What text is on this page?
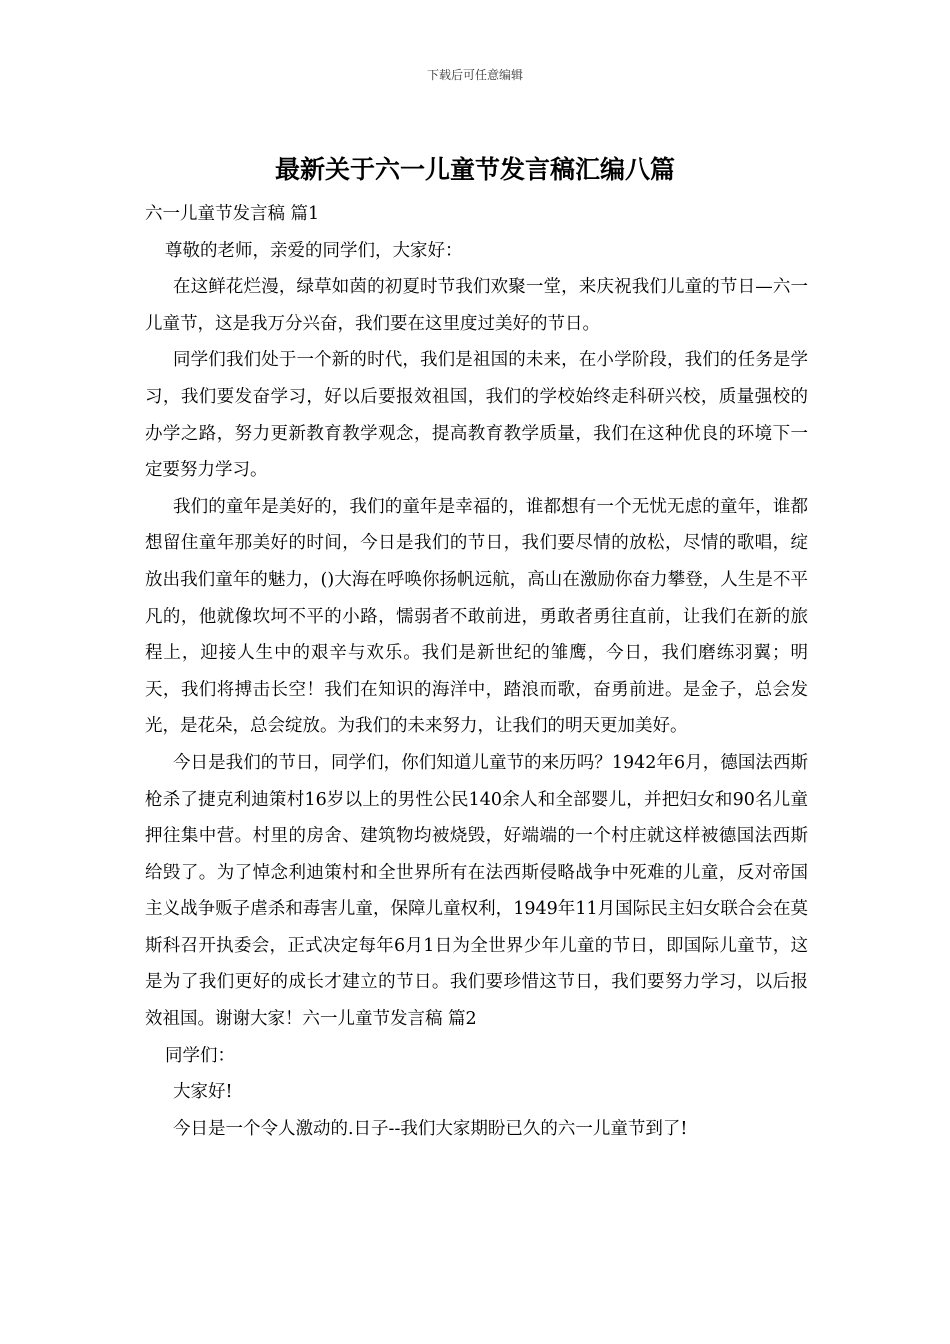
下载后可任意编辑
最新关于六一儿童节发言稿汇编八篇

六一儿童节发言稿 篇1

尊敬的老师，亲爱的同学们，大家好：

在这鲜花烂漫，绿草如茵的初夏时节我们欢聚一堂，来庆祝我们儿童的节日—六一儿童节，这是我万分兴奋，我们要在这里度过美好的节日。

同学们我们处于一个新的时代，我们是祖国的未来，在小学阶段，我们的任务是学习，我们要发奋学习，好以后要报效祖国，我们的学校始终走科研兴校，质量强校的办学之路，努力更新教育教学观念，提高教育教学质量，我们在这种优良的环境下一定要努力学习。

我们的童年是美好的，我们的童年是幸福的，谁都想有一个无忧无虑的童年，谁都想留住童年那美好的时间，今日是我们的节日，我们要尽情的放松，尽情的歌唱，绽放出我们童年的魅力，()大海在呼唤你扬帆远航，高山在激励你奋力攀登，人生是不平凡的，他就像坎坷不平的小路，懦弱者不敢前进，勇敢者勇往直前，让我们在新的旅程上，迎接人生中的艰辛与欢乐。我们是新世纪的雏鹰，今日，我们磨练羽翼；明天，我们将搏击长空！我们在知识的海洋中，踏浪而歌，奋勇前进。是金子，总会发光，是花朵，总会绽放。为我们的未来努力，让我们的明天更加美好。

今日是我们的节日，同学们，你们知道儿童节的来历吗？1942年6月，德国法西斯枪杀了捷克利迪策村16岁以上的男性公民140余人和全部婴儿，并把妇女和90名儿童押往集中营。村里的房舍、建筑物均被烧毁，好端端的一个村庄就这样被德国法西斯给毁了。为了悼念利迪策村和全世界所有在法西斯侵略战争中死难的儿童，反对帝国主义战争贩子虐杀和毒害儿童，保障儿童权利，1949年11月国际民主妇女联合会在莫斯科召开执委会，正式决定每年6月1日为全世界少年儿童的节日，即国际儿童节，这是为了我们更好的成长才建立的节日。我们要珍惜这节日，我们要努力学习，以后报效祖国。谢谢大家！六一儿童节发言稿 篇2

同学们：

大家好!

今日是一个令人激动的.日子--我们大家期盼已久的六一儿童节到了!
